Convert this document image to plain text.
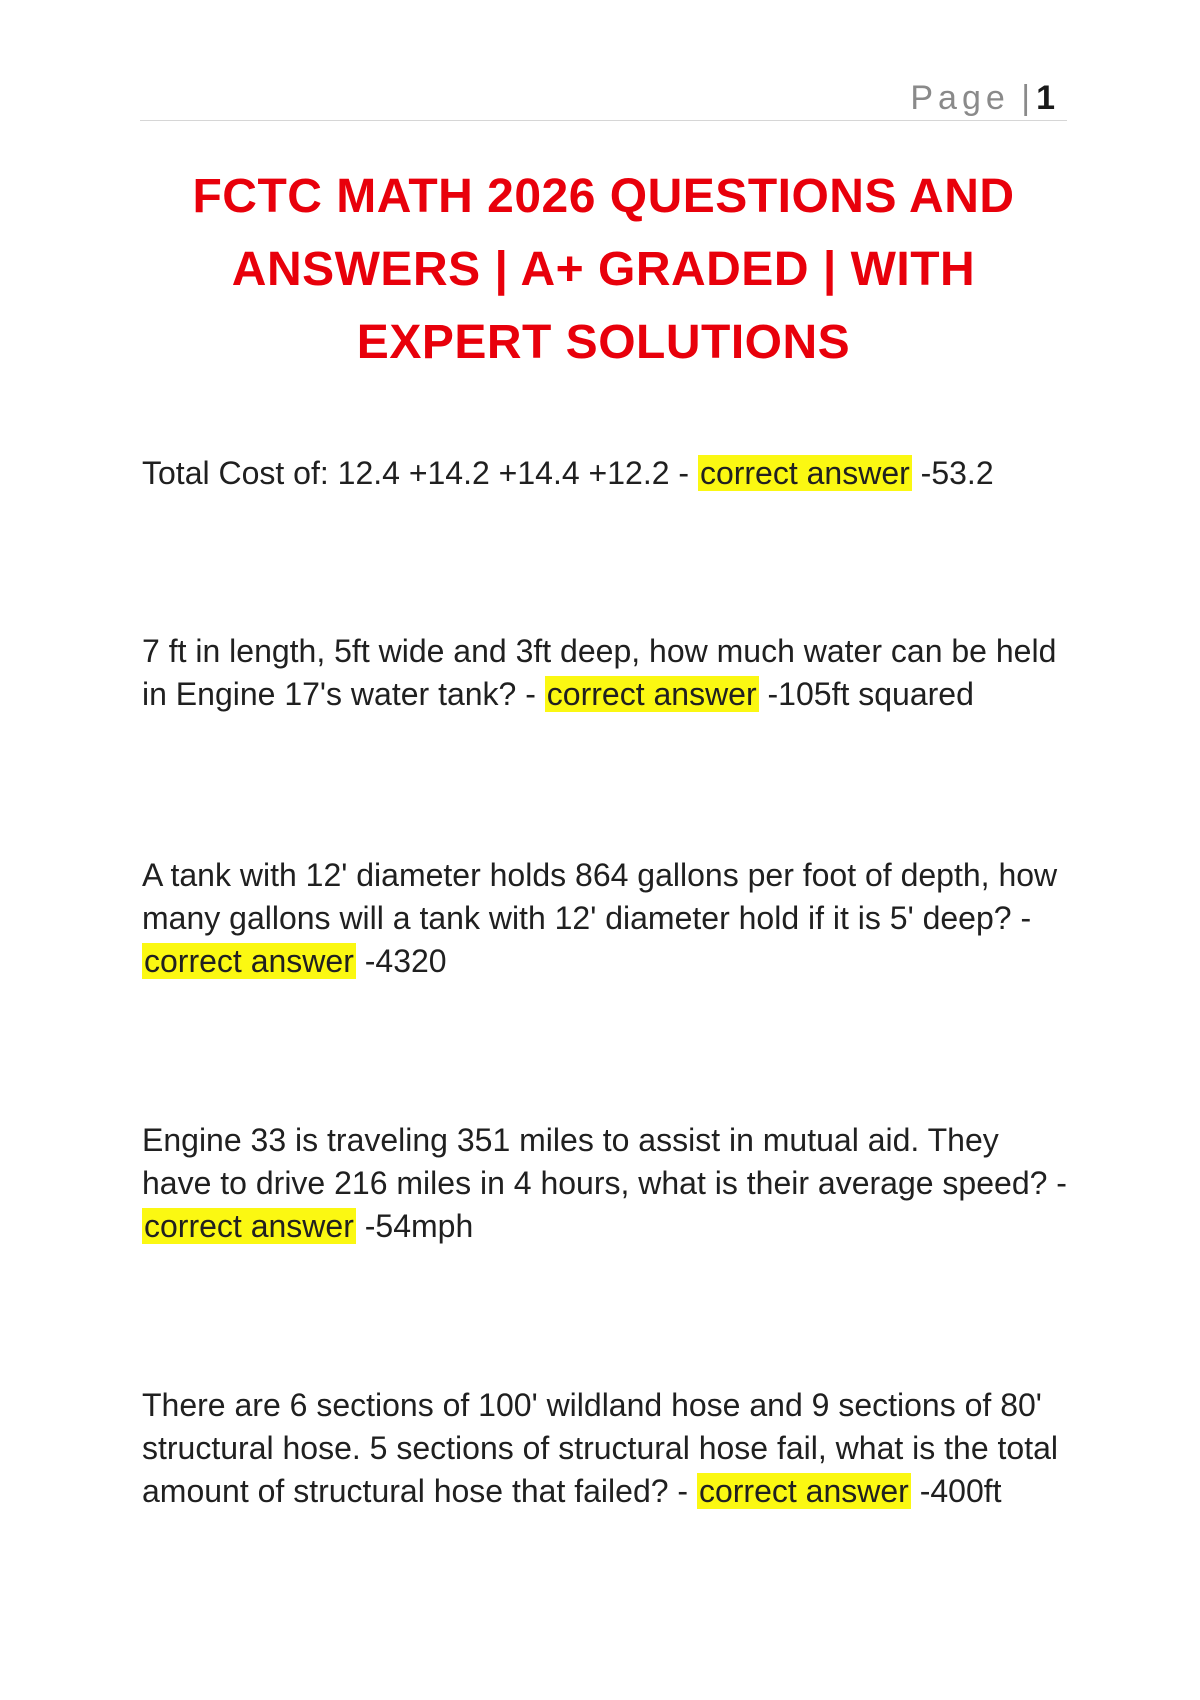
Page | 1
FCTC MATH 2026 QUESTIONS AND
ANSWERS | A+ GRADED | WITH
EXPERT SOLUTIONS

Total Cost of: 12.4 +14.2 +14.4 +12.2 - correct answer -53.2

7 ft in length, 5ft wide and 3ft deep, how much water can be held in Engine 17's water tank? - correct answer -105ft squared

A tank with 12' diameter holds 864 gallons per foot of depth, how many gallons will a tank with 12' diameter hold if it is 5' deep? - correct answer -4320

Engine 33 is traveling 351 miles to assist in mutual aid. They have to drive 216 miles in 4 hours, what is their average speed? - correct answer -54mph

There are 6 sections of 100' wildland hose and 9 sections of 80' structural hose. 5 sections of structural hose fail, what is the total amount of structural hose that failed? - correct answer -400ft
